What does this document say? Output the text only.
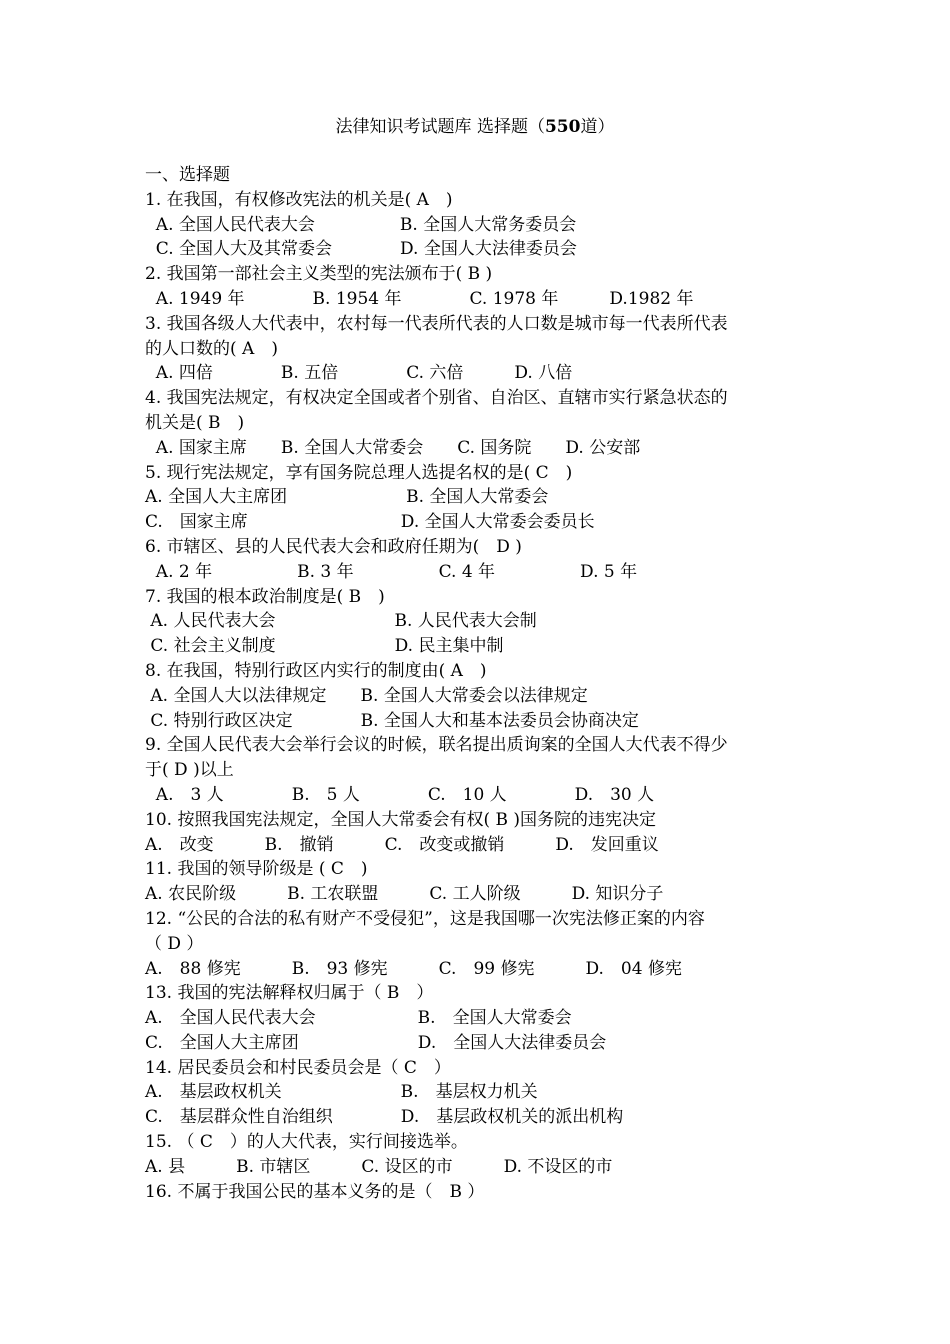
法律知识考试题库 选择题（550道）
一、选择题
1. 在我国，有权修改宪法的机关是( A　)
A. 全国人民代表大会　　　　　B. 全国人大常务委员会
C. 全国人大及其常委会　　　　D. 全国人大法律委员会
2. 我国第一部社会主义类型的宪法颁布于( B )
A. 1949 年　　　　B. 1954 年　　　　C. 1978 年　　　D.1982 年
3. 我国各级人大代表中，农村每一代表所代表的人口数是城市每一代表所代表
的人口数的( A　)
A. 四倍　　　　B. 五倍　　　　C. 六倍　　　D. 八倍
4. 我国宪法规定，有权决定全国或者个别省、自治区、直辖市实行紧急状态的
机关是( B　)
A. 国家主席　　B. 全国人大常委会　　C. 国务院　　D. 公安部
5. 现行宪法规定，享有国务院总理人选提名权的是( C　)
A. 全国人大主席团　　　　　　　B. 全国人大常委会
C.　国家主席　　　　　　　　　D. 全国人大常委会委员长
6. 市辖区、县的人民代表大会和政府任期为(　D )
A. 2 年　　　　　B. 3 年　　　　　C. 4 年　　　　　D. 5 年
7. 我国的根本政治制度是( B　)
A. 人民代表大会　　　　　　　B. 人民代表大会制
C. 社会主义制度　　　　　　　D. 民主集中制
8. 在我国，特别行政区内实行的制度由( A　)
A. 全国人大以法律规定　　B. 全国人大常委会以法律规定
C. 特别行政区决定　　　　B. 全国人大和基本法委员会协商决定
9. 全国人民代表大会举行会议的时候，联名提出质询案的全国人大代表不得少
于( D )以上
A.　3 人　　　　B.　5 人　　　　C.　10 人　　　　D.　30 人
10. 按照我国宪法规定，全国人大常委会有权( B )国务院的违宪决定
A.　改变　　　B.　撤销　　　C.　改变或撤销　　　D.　发回重议
11. 我国的领导阶级是 ( C　)
A. 农民阶级　　　B. 工农联盟　　　C. 工人阶级　　　D. 知识分子
12. “公民的合法的私有财产不受侵犯”，这是我国哪一次宪法修正案的内容
（ D ）
A.　88 修宪　　　B.　93 修宪　　　C.　99 修宪　　　D.　04 修宪
13. 我国的宪法解释权归属于（ B　）
A.　全国人民代表大会　　　　　　B.　全国人大常委会
C.　全国人大主席团　　　　　　　D.　全国人大法律委员会
14. 居民委员会和村民委员会是（ C　）
A.　基层政权机关　　　　　　　B.　基层权力机关
C.　基层群众性自治组织　　　　D.　基层政权机关的派出机构
15. （ C　）的人大代表，实行间接选举。
A. 县　　　B. 市辖区　　　C. 设区的市　　　D. 不设区的市
16. 不属于我国公民的基本义务的是（　B ）
